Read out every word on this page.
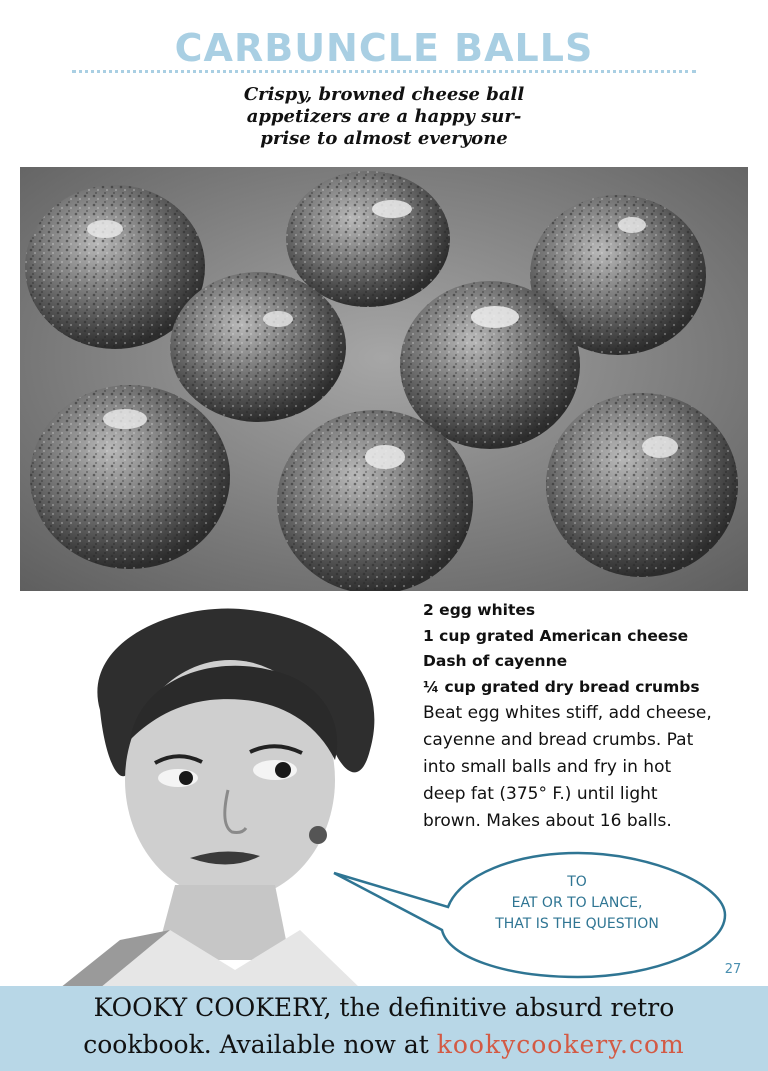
CARBUNCLE BALLS
Crispy, browned cheese ball
appetizers are a happy sur-
prise to almost everyone
2 egg whites
1 cup grated American cheese
Dash of cayenne
¼ cup grated dry bread crumbs
Beat egg whites stiff, add cheese,
cayenne and bread crumbs. Pat
into small balls and fry in hot
deep fat (375° F.) until light
brown. Makes about 16 balls.
TO
EAT OR TO LANCE,
THAT IS THE QUESTION
27
KOOKY COOKERY, the definitive absurd retro
cookbook. Available now at kookycookery.com
